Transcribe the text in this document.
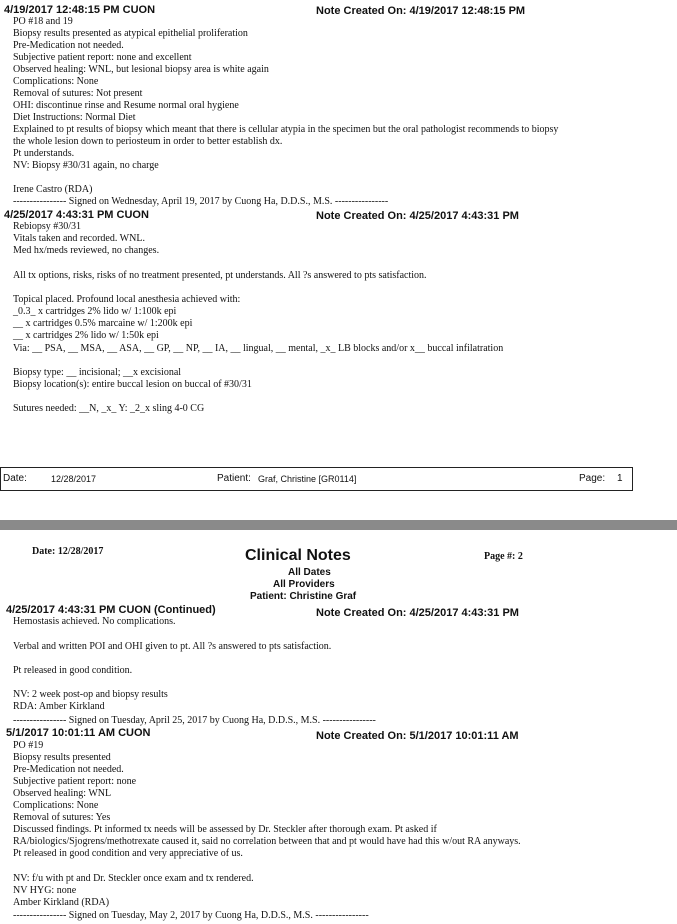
4/19/2017 12:48:15 PM CUON	Note Created On: 4/19/2017 12:48:15 PM
PO #18 and 19
Biopsy results presented as atypical epithelial proliferation
Pre-Medication not needed.
Subjective patient report: none and excellent
Observed healing: WNL, but lesional biopsy area is white again
Complications: None
Removal of sutures: Not present
OHI: discontinue rinse and Resume normal oral hygiene
Diet Instructions: Normal Diet
Explained to pt results of biopsy which meant that there is cellular atypia in the specimen but the oral pathologist recommends to biopsy
the whole lesion down to periosteum in order to better establish dx.
Pt understands.
NV: Biopsy #30/31 again, no charge
Irene Castro (RDA)
---------------- Signed on Wednesday, April 19, 2017 by Cuong Ha, D.D.S., M.S. ----------------
4/25/2017 4:43:31 PM CUON	Note Created On: 4/25/2017 4:43:31 PM
Rebiopsy #30/31
Vitals taken and recorded. WNL.
Med hx/meds reviewed, no changes.
All tx options, risks, risks of no treatment presented, pt understands. All ?s answered to pts satisfaction.
Topical placed. Profound local anesthesia achieved with:
_0.3_ x cartridges 2% lido w/ 1:100k epi
__ x cartridges 0.5% marcaine w/ 1:200k epi
__ x cartridges 2% lido w/ 1:50k epi
Via: __ PSA, __ MSA, __ ASA, __ GP, __ NP, __ IA, __ lingual, __ mental, _x_ LB blocks and/or x__ buccal infilatration
Biopsy type: __ incisional; __x excisional
Biopsy location(s): entire buccal lesion on buccal of #30/31
Sutures needed: __N, _x_ Y: _2_x sling 4-0 CG
Date:	12/28/2017	Patient: Graf, Christine [GR0114]	Page: 1
Date: 12/28/2017	Clinical Notes	Page #: 2
All Dates
All Providers
Patient: Christine Graf
4/25/2017 4:43:31 PM CUON (Continued)	Note Created On: 4/25/2017 4:43:31 PM
Hemostasis achieved. No complications.
Verbal and written POI and OHI given to pt. All ?s answered to pts satisfaction.
Pt released in good condition.
NV: 2 week post-op and biopsy results
RDA: Amber Kirkland
---------------- Signed on Tuesday, April 25, 2017 by Cuong Ha, D.D.S., M.S. ----------------
5/1/2017 10:01:11 AM CUON	Note Created On: 5/1/2017 10:01:11 AM
PO #19
Biopsy results presented
Pre-Medication not needed.
Subjective patient report: none
Observed healing: WNL
Complications: None
Removal of sutures: Yes
Discussed findings. Pt informed tx needs will be assessed by Dr. Steckler after thorough exam. Pt asked if
RA/biologics/Sjogrens/methotrexate caused it, said no correlation between that and pt would have had this w/out RA anyways.
Pt released in good condition and very appreciative of us.
NV: f/u with pt and Dr. Steckler once exam and tx rendered.
NV HYG: none
Amber Kirkland (RDA)
---------------- Signed on Tuesday, May 2, 2017 by Cuong Ha, D.D.S., M.S. ----------------
